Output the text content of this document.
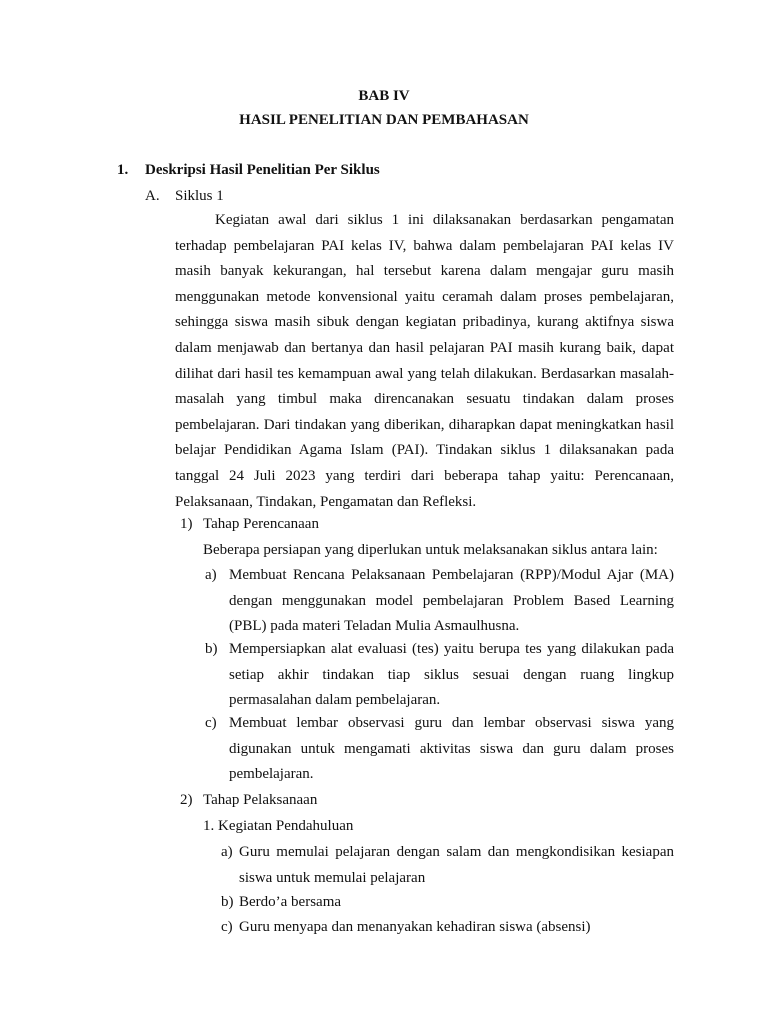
BAB IV
HASIL PENELITIAN DAN PEMBAHASAN
1. Deskripsi Hasil Penelitian Per Siklus
A. Siklus 1

Kegiatan awal dari siklus 1 ini dilaksanakan berdasarkan pengamatan terhadap pembelajaran PAI kelas IV, bahwa dalam pembelajaran PAI kelas IV masih banyak kekurangan, hal tersebut karena dalam mengajar guru masih menggunakan metode konvensional yaitu ceramah dalam proses pembelajaran, sehingga siswa masih sibuk dengan kegiatan pribadinya, kurang aktifnya siswa dalam menjawab dan bertanya dan hasil pelajaran PAI masih kurang baik, dapat dilihat dari hasil tes kemampuan awal yang telah dilakukan. Berdasarkan masalah-masalah yang timbul maka direncanakan sesuatu tindakan dalam proses pembelajaran. Dari tindakan yang diberikan, diharapkan dapat meningkatkan hasil belajar Pendidikan Agama Islam (PAI). Tindakan siklus 1 dilaksanakan pada tanggal 24 Juli 2023 yang terdiri dari beberapa tahap yaitu: Perencanaan, Pelaksanaan, Tindakan, Pengamatan dan Refleksi.

1) Tahap Perencanaan
Beberapa persiapan yang diperlukan untuk melaksanakan siklus antara lain:
a) Membuat Rencana Pelaksanaan Pembelajaran (RPP)/Modul Ajar (MA) dengan menggunakan model pembelajaran Problem Based Learning (PBL) pada materi Teladan Mulia Asmaulhusna.
b) Mempersiapkan alat evaluasi (tes) yaitu berupa tes yang dilakukan pada setiap akhir tindakan tiap siklus sesuai dengan ruang lingkup permasalahan dalam pembelajaran.
c) Membuat lembar observasi guru dan lembar observasi siswa yang digunakan untuk mengamati aktivitas siswa dan guru dalam proses pembelajaran.
2) Tahap Pelaksanaan
1. Kegiatan Pendahuluan
a) Guru memulai pelajaran dengan salam dan mengkondisikan kesiapan siswa untuk memulai pelajaran
b) Berdo’a bersama
c) Guru menyapa dan menanyakan kehadiran siswa (absensi)
